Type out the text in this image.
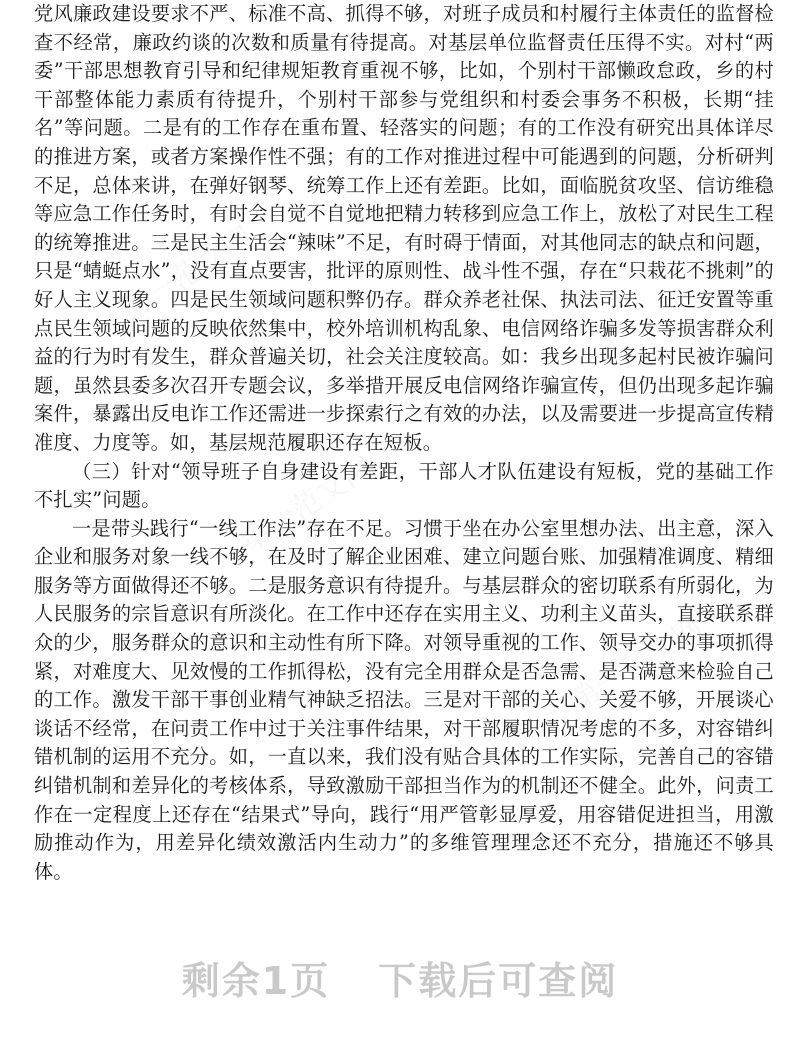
第一范文网
第一范文网
第一范文网

党风廉政建设要求不严、标准不高、抓得不够，对班子成员和村履行主体责任的监督检查不经常，廉政约谈的次数和质量有待提高。对基层单位监督责任压得不实。对村“两委”干部思想教育引导和纪律规矩教育重视不够，比如，个别村干部懒政怠政，乡的村干部整体能力素质有待提升，个别村干部参与党组织和村委会事务不积极，长期“挂名”等问题。二是有的工作存在重布置、轻落实的问题；有的工作没有研究出具体详尽的推进方案，或者方案操作性不强；有的工作对推进过程中可能遇到的问题，分析研判不足，总体来讲，在弹好钢琴、统筹工作上还有差距。比如，面临脱贫攻坚、信访维稳等应急工作任务时，有时会自觉不自觉地把精力转移到应急工作上，放松了对民生工程的统筹推进。三是民主生活会“辣味”不足，有时碍于情面，对其他同志的缺点和问题，只是“蜻蜓点水”，没有直点要害，批评的原则性、战斗性不强，存在“只栽花不挑刺”的好人主义现象。四是民生领域问题积弊仍存。群众养老社保、执法司法、征迁安置等重点民生领域问题的反映依然集中，校外培训机构乱象、电信网络诈骗多发等损害群众利益的行为时有发生，群众普遍关切，社会关注度较高。如：我乡出现多起村民被诈骗问题，虽然县委多次召开专题会议，多举措开展反电信网络诈骗宣传，但仍出现多起诈骗案件，暴露出反电诈工作还需进一步探索行之有效的办法，以及需要进一步提高宣传精准度、力度等。如，基层规范履职还存在短板。

（三）针对“领导班子自身建设有差距，干部人才队伍建设有短板，党的基础工作不扎实”问题。

一是带头践行“一线工作法”存在不足。习惯于坐在办公室里想办法、出主意，深入企业和服务对象一线不够，在及时了解企业困难、建立问题台账、加强精准调度、精细服务等方面做得还不够。二是服务意识有待提升。与基层群众的密切联系有所弱化，为人民服务的宗旨意识有所淡化。在工作中还存在实用主义、功利主义苗头，直接联系群众的少，服务群众的意识和主动性有所下降。对领导重视的工作、领导交办的事项抓得紧，对难度大、见效慢的工作抓得松，没有完全用群众是否急需、是否满意来检验自己的工作。激发干部干事创业精气神缺乏招法。三是对干部的关心、关爱不够，开展谈心谈话不经常，在问责工作中过于关注事件结果，对干部履职情况考虑的不多，对容错纠错机制的运用不充分。如，一直以来，我们没有贴合具体的工作实际，完善自己的容错纠错机制和差异化的考核体系，导致激励干部担当作为的机制还不健全。此外，问责工作在一定程度上还存在“结果式”导向，践行“用严管彰显厚爱，用容错促进担当，用激励推动作为，用差异化绩效激活内生动力”的多维管理理念还不充分，措施还不够具体。

剩余1页 下载后可查阅
